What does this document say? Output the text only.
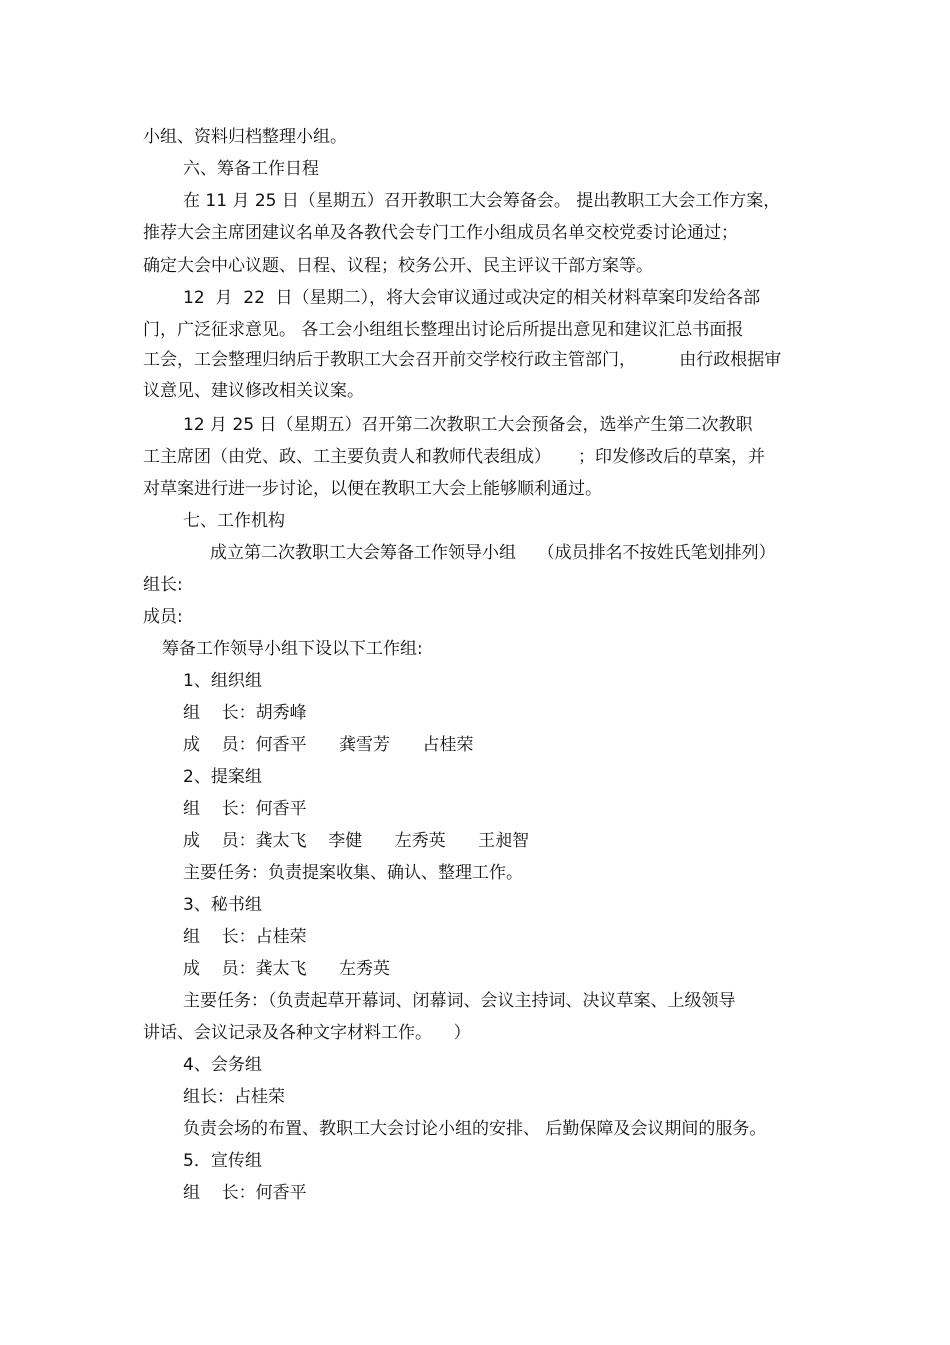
小组、资料归档整理小组。
六、筹备工作日程
在 11 月 25 日（星期五）召开教职工大会筹备会。 提出教职工大会工作方案，
推荐大会主席团建议名单及各教代会专门工作小组成员名单交校党委讨论通过；
确定大会中心议题、日程、议程；校务公开、民主评议干部方案等。
12  月  22  日（星期二），将大会审议通过或决定的相关材料草案印发给各部
门，广泛征求意见。 各工会小组组长整理出讨论后所提出意见和建议汇总书面报
工会，工会整理归纳后于教职工大会召开前交学校行政主管部门，        由行政根据审
议意见、建议修改相关议案。
12 月 25 日（星期五）召开第二次教职工大会预备会，选举产生第二次教职
工主席团（由党、政、工主要负责人和教师代表组成）     ；印发修改后的草案，并
对草案进行进一步讨论，以便在教职工大会上能够顺利通过。
七、工作机构
成立第二次教职工大会筹备工作领导小组    （成员排名不按姓氏笔划排列）
组长:
成员:
筹备工作领导小组下设以下工作组:
1、组织组
组    长：胡秀峰
成    员：何香平      龚雪芳      占桂荣
2、提案组
组    长：何香平
成    员：龚太飞    李健      左秀英      王昶智
主要任务：负责提案收集、确认、整理工作。
3、秘书组
组    长：占桂荣
成    员：龚太飞      左秀英
主要任务：（负责起草开幕词、闭幕词、会议主持词、决议草案、上级领导
讲话、会议记录及各种文字材料工作。    ）
4、会务组
组长：占桂荣
负责会场的布置、教职工大会讨论小组的安排、 后勤保障及会议期间的服务。
5．宣传组
组    长：何香平
